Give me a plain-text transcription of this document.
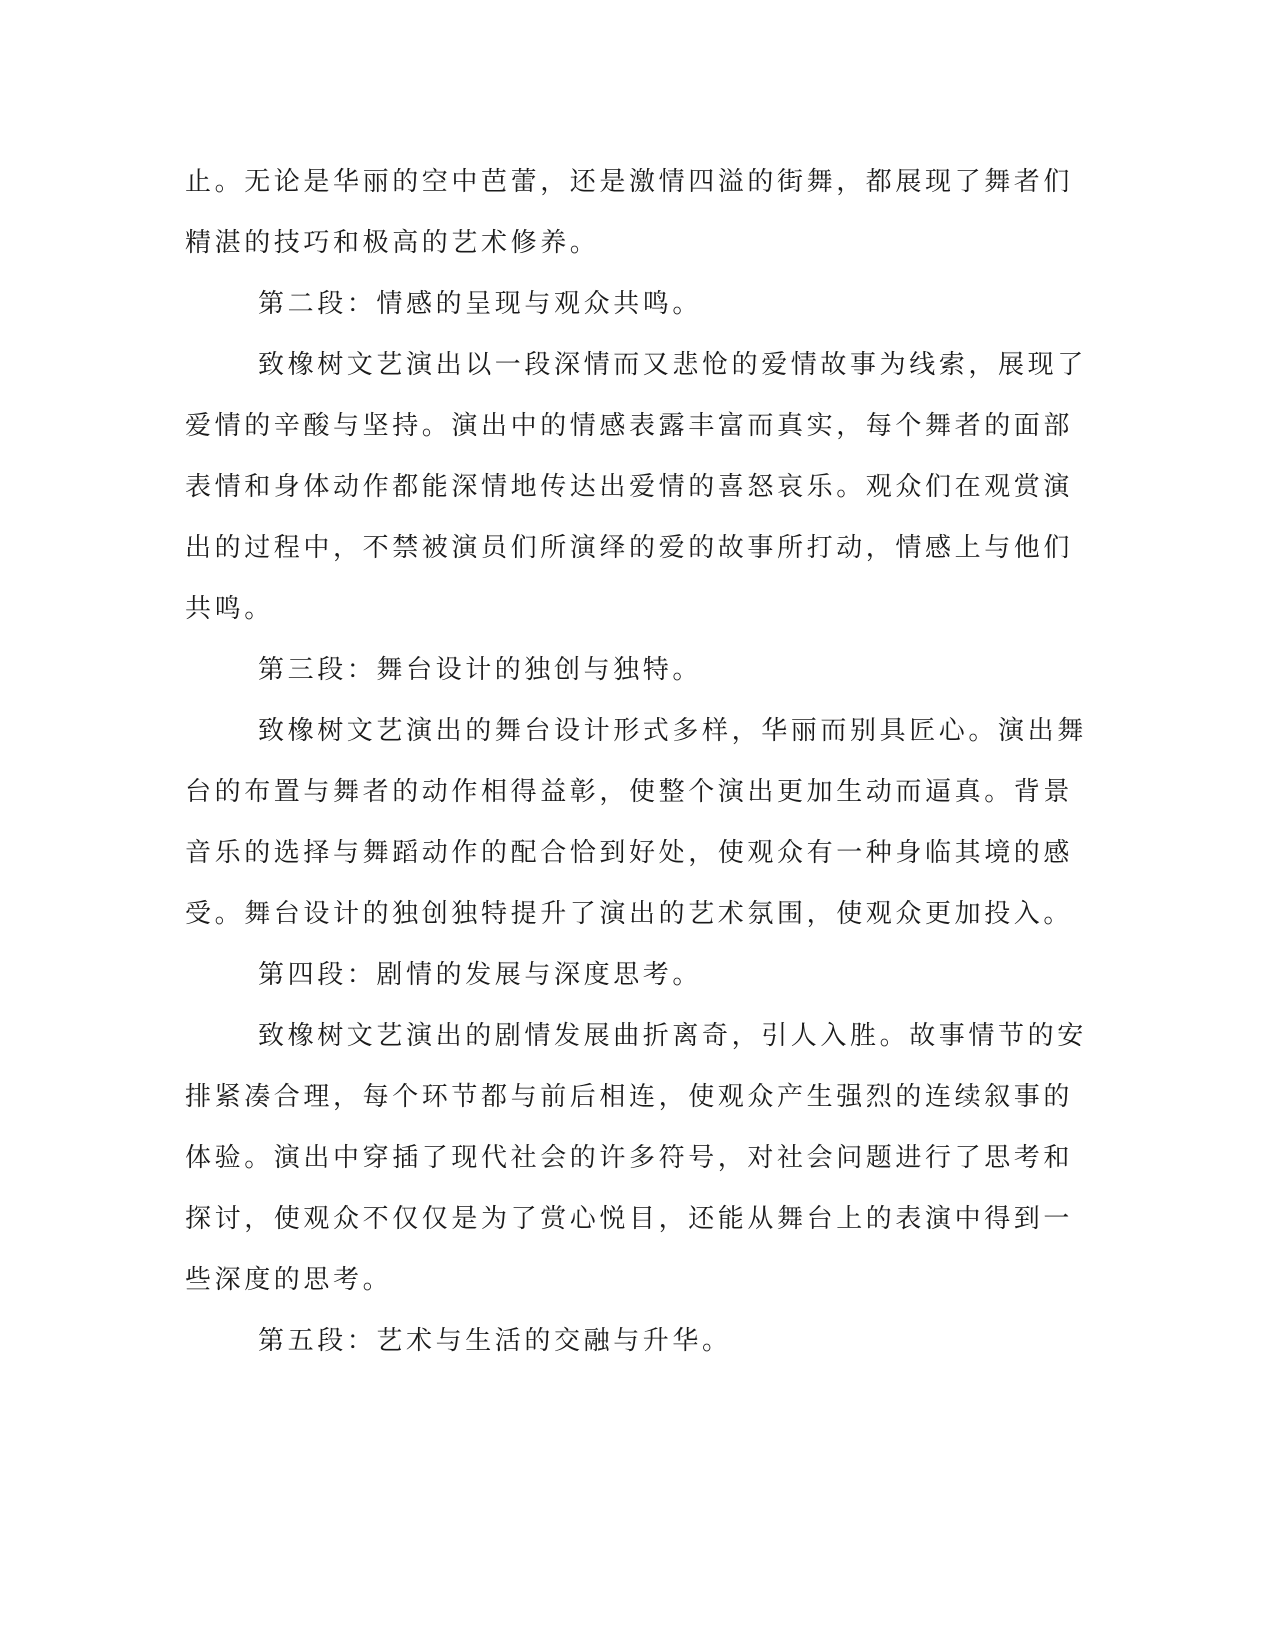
止。无论是华丽的空中芭蕾，还是激情四溢的街舞，都展现了舞者们

精湛的技巧和极高的艺术修养。

第二段：情感的呈现与观众共鸣。

致橡树文艺演出以一段深情而又悲怆的爱情故事为线索，展现了

爱情的辛酸与坚持。演出中的情感表露丰富而真实，每个舞者的面部

表情和身体动作都能深情地传达出爱情的喜怒哀乐。观众们在观赏演

出的过程中，不禁被演员们所演绎的爱的故事所打动，情感上与他们

共鸣。

第三段：舞台设计的独创与独特。

致橡树文艺演出的舞台设计形式多样，华丽而别具匠心。演出舞

台的布置与舞者的动作相得益彰，使整个演出更加生动而逼真。背景

音乐的选择与舞蹈动作的配合恰到好处，使观众有一种身临其境的感

受。舞台设计的独创独特提升了演出的艺术氛围，使观众更加投入。

第四段：剧情的发展与深度思考。

致橡树文艺演出的剧情发展曲折离奇，引人入胜。故事情节的安

排紧凑合理，每个环节都与前后相连，使观众产生强烈的连续叙事的

体验。演出中穿插了现代社会的许多符号，对社会问题进行了思考和

探讨，使观众不仅仅是为了赏心悦目，还能从舞台上的表演中得到一

些深度的思考。

第五段：艺术与生活的交融与升华。
